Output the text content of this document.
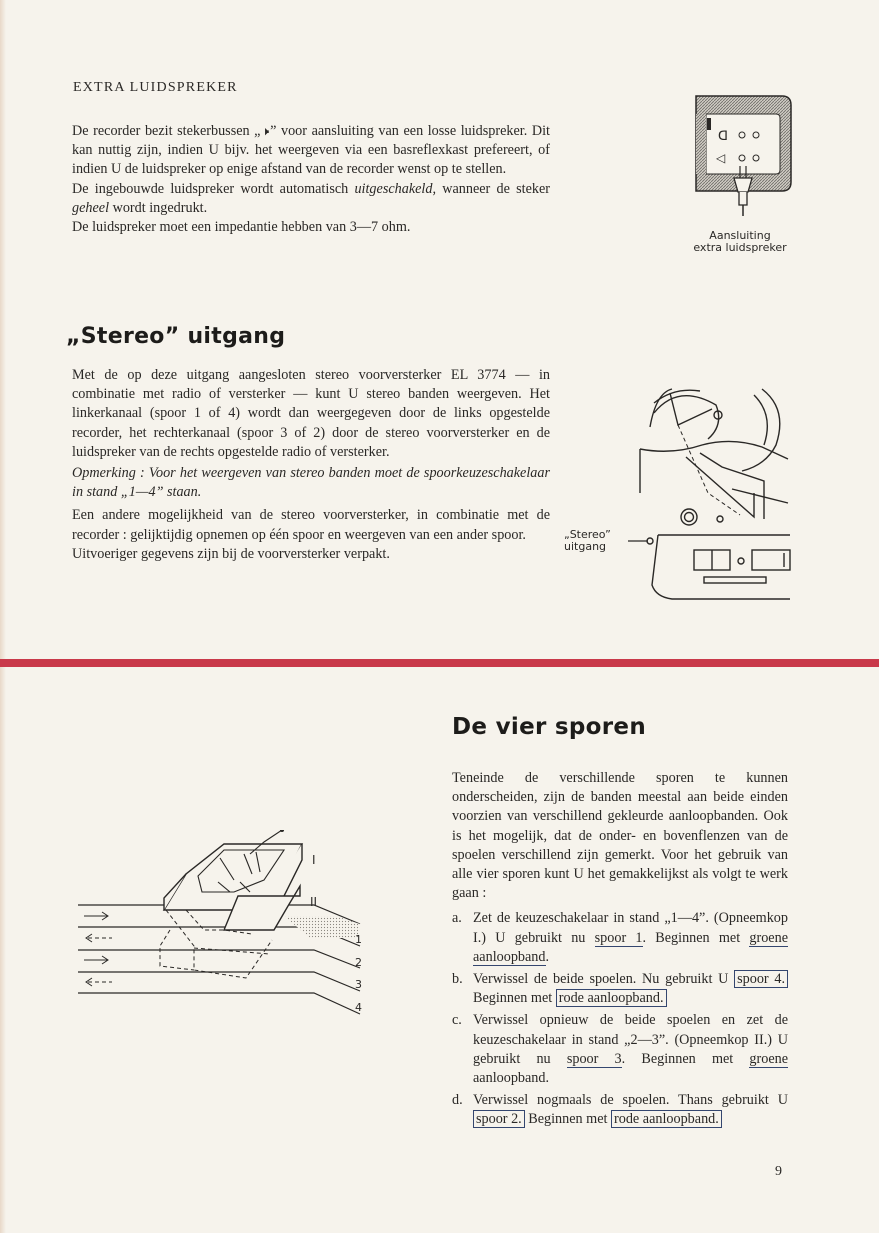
EXTRA LUIDSPREKER

De recorder bezit stekerbussen „🕨” voor aansluiting van een losse luidspreker. Dit kan nuttig zijn, indien U bijv. het weergeven via een basreflexkast prefereert, of indien U de luidspreker op enige afstand van de recorder wenst op te stellen.

De ingebouwde luidspreker wordt automatisch uitgeschakeld, wanneer de steker geheel wordt ingedrukt.

De luidspreker moet een impedantie hebben van 3—7 ohm.

ᗡ
◁
Aansluiting
extra luidspreker
„Stereo” uitgang

Met de op deze uitgang aangesloten stereo voorversterker EL 3774 — in combinatie met radio of versterker — kunt U stereo banden weergeven. Het linkerkanaal (spoor 1 of 4) wordt dan weergegeven door de links opgestelde recorder, het rechterkanaal (spoor 3 of 2) door de stereo voorversterker en de luidspreker van de rechts opgestelde radio of versterker.

Opmerking : Voor het weergeven van stereo banden moet de spoorkeuzeschakelaar in stand „1—4” staan.

Een andere mogelijkheid van de stereo voorversterker, in combinatie met de recorder : gelijktijdig opnemen op één spoor en weergeven van een ander spoor.

Uitvoeriger gegevens zijn bij de voorversterker verpakt.

„Stereo”
uitgang
De vier sporen

Teneinde de verschillende sporen te kunnen onderscheiden, zijn de banden meestal aan beide einden voorzien van verschillend gekleurde aanloopbanden. Ook is het mogelijk, dat de onder- en bovenflenzen van de spoelen verschillend zijn gemerkt. Voor het gebruik van alle vier sporen kunt U het gemakkelijkst als volgt te werk gaan :

a. Zet de keuzeschakelaar in stand „1—4”. (Opneemkop I.) U gebruikt nu spoor 1. Beginnen met groene aanloopband.
b. Verwissel de beide spoelen. Nu gebruikt U spoor 4. Beginnen met rode aanloopband.
c. Verwissel opnieuw de beide spoelen en zet de keuzeschakelaar in stand „2—3”. (Opneemkop II.) U gebruikt nu spoor 3. Beginnen met groene aanloopband.
d. Verwissel nogmaals de spoelen. Thans gebruikt U spoor 2. Beginnen met rode aanloopband.
I
II
1
2
3
4
9
